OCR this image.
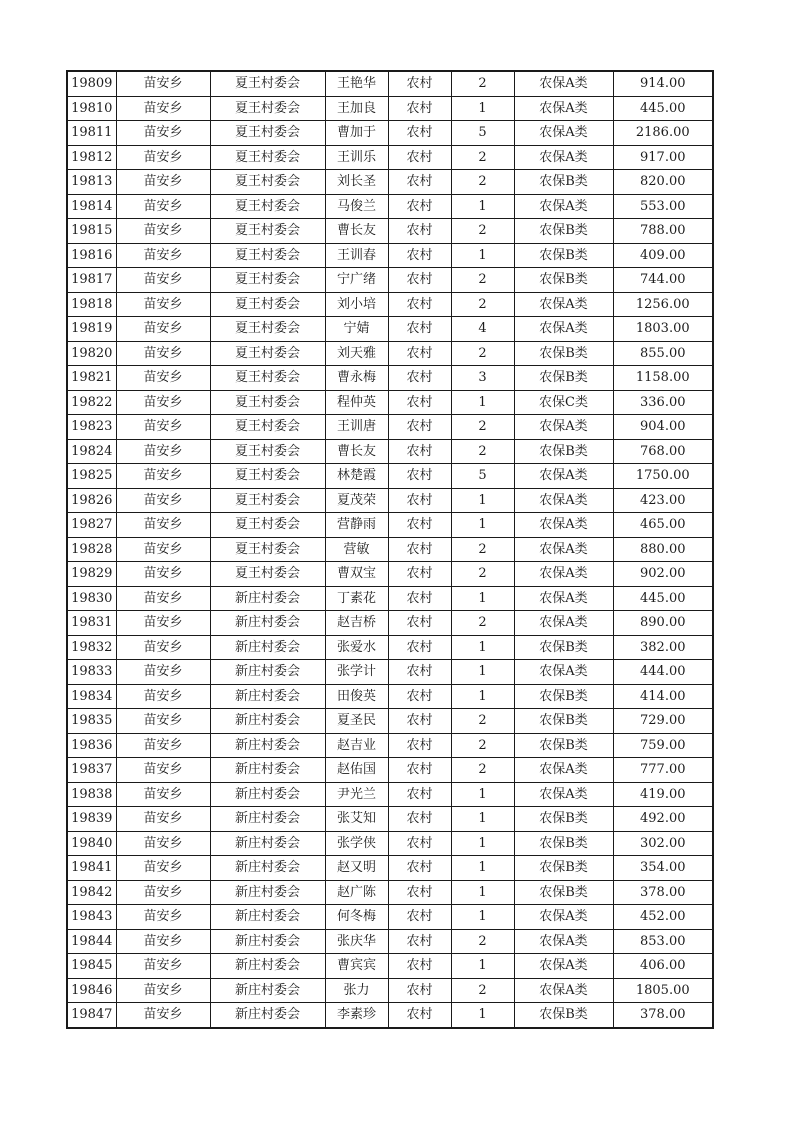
19809	苗安乡	夏王村委会	王艳华	农村	2	农保A类	914.00
19810	苗安乡	夏王村委会	王加良	农村	1	农保A类	445.00
19811	苗安乡	夏王村委会	曹加于	农村	5	农保A类	2186.00
19812	苗安乡	夏王村委会	王训乐	农村	2	农保A类	917.00
19813	苗安乡	夏王村委会	刘长圣	农村	2	农保B类	820.00
19814	苗安乡	夏王村委会	马俊兰	农村	1	农保A类	553.00
19815	苗安乡	夏王村委会	曹长友	农村	2	农保B类	788.00
19816	苗安乡	夏王村委会	王训春	农村	1	农保B类	409.00
19817	苗安乡	夏王村委会	宁广绪	农村	2	农保B类	744.00
19818	苗安乡	夏王村委会	刘小培	农村	2	农保A类	1256.00
19819	苗安乡	夏王村委会	宁婧	农村	4	农保A类	1803.00
19820	苗安乡	夏王村委会	刘天雅	农村	2	农保B类	855.00
19821	苗安乡	夏王村委会	曹永梅	农村	3	农保B类	1158.00
19822	苗安乡	夏王村委会	程仲英	农村	1	农保C类	336.00
19823	苗安乡	夏王村委会	王训唐	农村	2	农保A类	904.00
19824	苗安乡	夏王村委会	曹长友	农村	2	农保B类	768.00
19825	苗安乡	夏王村委会	林楚霞	农村	5	农保A类	1750.00
19826	苗安乡	夏王村委会	夏茂荣	农村	1	农保A类	423.00
19827	苗安乡	夏王村委会	营静雨	农村	1	农保A类	465.00
19828	苗安乡	夏王村委会	营敏	农村	2	农保A类	880.00
19829	苗安乡	夏王村委会	曹双宝	农村	2	农保A类	902.00
19830	苗安乡	新庄村委会	丁素花	农村	1	农保A类	445.00
19831	苗安乡	新庄村委会	赵吉桥	农村	2	农保A类	890.00
19832	苗安乡	新庄村委会	张爱水	农村	1	农保B类	382.00
19833	苗安乡	新庄村委会	张学计	农村	1	农保A类	444.00
19834	苗安乡	新庄村委会	田俊英	农村	1	农保B类	414.00
19835	苗安乡	新庄村委会	夏圣民	农村	2	农保B类	729.00
19836	苗安乡	新庄村委会	赵吉业	农村	2	农保B类	759.00
19837	苗安乡	新庄村委会	赵佑国	农村	2	农保A类	777.00
19838	苗安乡	新庄村委会	尹光兰	农村	1	农保A类	419.00
19839	苗安乡	新庄村委会	张艾知	农村	1	农保B类	492.00
19840	苗安乡	新庄村委会	张学侠	农村	1	农保B类	302.00
19841	苗安乡	新庄村委会	赵又明	农村	1	农保B类	354.00
19842	苗安乡	新庄村委会	赵广陈	农村	1	农保B类	378.00
19843	苗安乡	新庄村委会	何冬梅	农村	1	农保A类	452.00
19844	苗安乡	新庄村委会	张庆华	农村	2	农保A类	853.00
19845	苗安乡	新庄村委会	曹宾宾	农村	1	农保A类	406.00
19846	苗安乡	新庄村委会	张力	农村	2	农保A类	1805.00
19847	苗安乡	新庄村委会	李素珍	农村	1	农保B类	378.00
